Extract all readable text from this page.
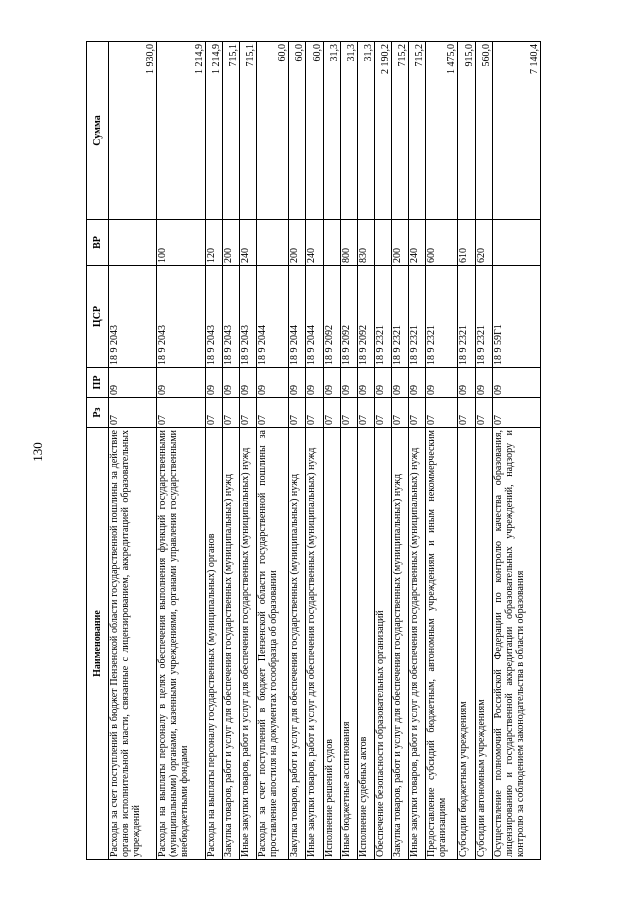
130
Наименование	Рз	ПР	ЦСР	ВР	Сумма
Расходы за счет поступлений в бюджет Пензенской области государственной пошлины за действие органов исполнительной власти, связанные с лицензированием, аккредитацией образовательных учреждений	07	09	18 9 2043		1 930,0
Расходы на выплаты персоналу в целях обеспечения выполнения функций государственными (муниципальными) органами, казенными учреждениями, органами управления государственными внебюджетными фондами	07	09	18 9 2043	100	1 214,9
Расходы на выплаты персоналу государственных (муниципальных) органов	07	09	18 9 2043	120	1 214,9
Закупка товаров, работ и услуг для обеспечения государственных (муниципальных) нужд	07	09	18 9 2043	200	715,1
Иные закупки товаров, работ и услуг для обеспечения государственных (муниципальных) нужд	07	09	18 9 2043	240	715,1
Расходы за счет поступлений в бюджет Пензенской области государственной пошлины за проставление апостиля на документах госообразца об образовании	07	09	18 9 2044		60,0
Закупка товаров, работ и услуг для обеспечения государственных (муниципальных) нужд	07	09	18 9 2044	200	60,0
Иные закупки товаров, работ и услуг для обеспечения государственных (муниципальных) нужд	07	09	18 9 2044	240	60,0
Исполнение решений судов	07	09	18 9 2092		31,3
Иные бюджетные ассигнования	07	09	18 9 2092	800	31,3
Исполнение судебных актов	07	09	18 9 2092	830	31,3
Обеспечение безопасности образовательных организаций	07	09	18 9 2321		2 190,2
Закупка товаров, работ и услуг для обеспечения государственных (муниципальных) нужд	07	09	18 9 2321	200	715,2
Иные закупки товаров, работ и услуг для обеспечения государственных (муниципальных) нужд	07	09	18 9 2321	240	715,2
Предоставление субсидий бюджетным, автономным учреждениям и иным некоммерческим организациям	07	09	18 9 2321	600	1 475,0
Субсидии бюджетным учреждениям	07	09	18 9 2321	610	915,0
Субсидии автономным учреждениям	07	09	18 9 2321	620	560,0
Осуществление полномочий Российской Федерации по контролю качества образования, лицензированию и государственной аккредитации образовательных учреждений, надзору и контролю за соблюдением законодательства в области образования	07	09	18 9 59Г1		7 140,4
